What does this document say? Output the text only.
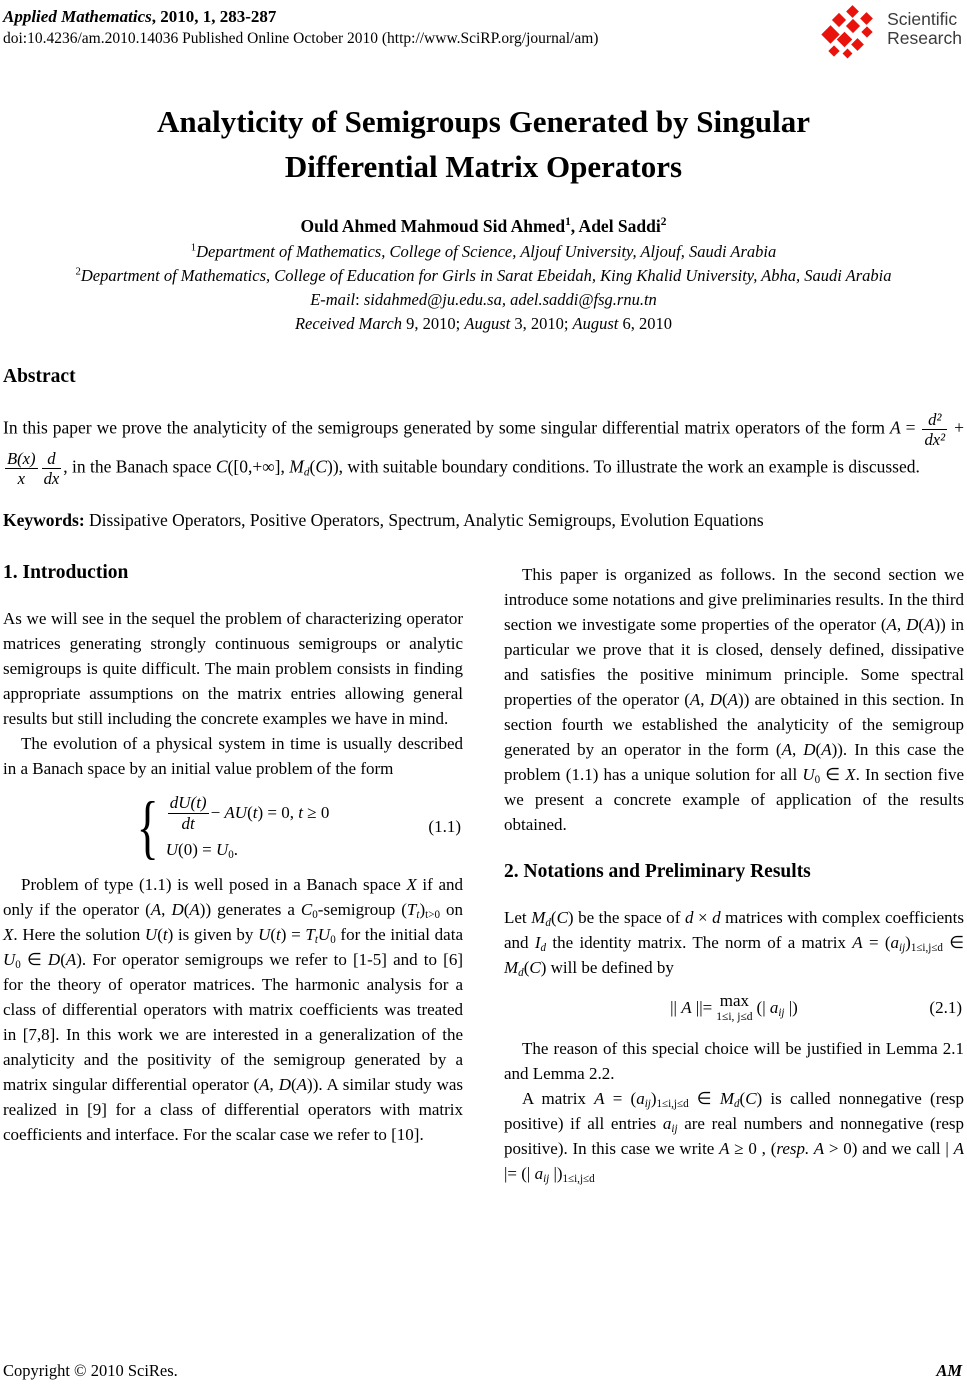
Applied Mathematics, 2010, 1, 283-287
doi:10.4236/am.2010.14036 Published Online October 2010 (http://www.SciRP.org/journal/am)
Scientific
Research
Analyticity of Semigroups Generated by Singular Differential Matrix Operators
Ould Ahmed Mahmoud Sid Ahmed$^1$, Adel Saddi$^2$
$^1$Department of Mathematics, College of Science, Aljouf University, Aljouf, Saudi Arabia
$^2$Department of Mathematics, College of Education for Girls in Sarat Ebeidah, King Khalid University, Abha, Saudi Arabia
E-mail: sidahmed@ju.edu.sa, adel.saddi@fsg.rnu.tn
Received March 9, 2010; August 3, 2010; August 6, 2010
Abstract

In this paper we prove the analyticity of the semigroups generated by some singular differential matrix operators of the form $A = \frac{\text{d²}}{\text{dx²}}$ +
$\frac{B(x)}{x} \frac{d}{dx}$ , in the Banach space C([0,+∞], $M_d(C)$), with suitable boundary conditions. To illustrate the work an example is discussed.

Keywords: Dissipative Operators, Positive Operators, Spectrum, Analytic Semigroups, Evolution Equations

1. Introduction

As we will see in the sequel the problem of characterizing operator matrices generating strongly continuous semigroups or analytic semigroups is quite difficult. The main problem consists in finding appropriate assumptions on the matrix entries allowing general results but still including the concrete examples we have in mind.

The evolution of a physical system in time is usually described in a Banach space by an initial value problem of the form

{ $\frac{dU(t)}{dt} - AU(t) = 0$, t ≥ 0
$U(0) = U_0$.
(1.1)

Problem of type (1.1) is well posed in a Banach space X if and only if the operator (A, D(A)) generates a $C_0$-semigroup $(T_t)_{t>0}$ on X. Here the solution U(t) is given by $U(t) = T_tU_0$ for the initial data $U_0$ ∈ D(A). For operator semigroups we refer to [1-5] and to [6] for the theory of operator matrices. The harmonic analysis for a class of differential operators with matrix coefficients was treated in [7,8]. In this work we are interested in a generalization of the analyticity and the positivity of the semigroup generated by a matrix singular differential operator (A, D(A)). A similar study was realized in [9] for a class of differential operators with matrix coefficients and interface. For the scalar case we refer to [10].

This paper is organized as follows. In the second section we introduce some notations and give preliminaries results. In the third section we investigate some properties of the operator (A, D(A)) in particular we prove that it is closed, densely defined, dissipative and satisfies the positive minimum principle. Some spectral properties of the operator (A, D(A)) are obtained in this section. In section fourth we established the analyticity of the semigroup generated by an operator in the form (A, D(A)). In this case the problem (1.1) has a unique solution for all $U_0$ ∈ X. In section five we present a concrete example of application of the results obtained.

2. Notations and Preliminary Results

Let $M_d(C)$ be the space of d × d matrices with complex coefficients and $I_d$ the identity matrix. The norm of a matrix $A = (a_{ij})_{1\le i,j\le d}$ ∈ $M_d(C)$ will be defined by

|| A ||= max
1≤i, j≤d
(| $a_{ij}$ |)	(2.1)

The reason of this special choice will be justified in Lemma 2.1 and Lemma 2.2.

A matrix $A = (a_{ij})_{1\le i,j\le d}$ ∈ $M_d(C)$ is called nonnegative (resp positive) if all entries $a_{ij}$ are real numbers and nonnegative (resp positive). In this case we write A ≥ 0 , (resp. A > 0) and we call | A |= (| $a_{ij}$ $|)_{1\le i,j\le d}$

Copyright © 2010 SciRes.	AM
